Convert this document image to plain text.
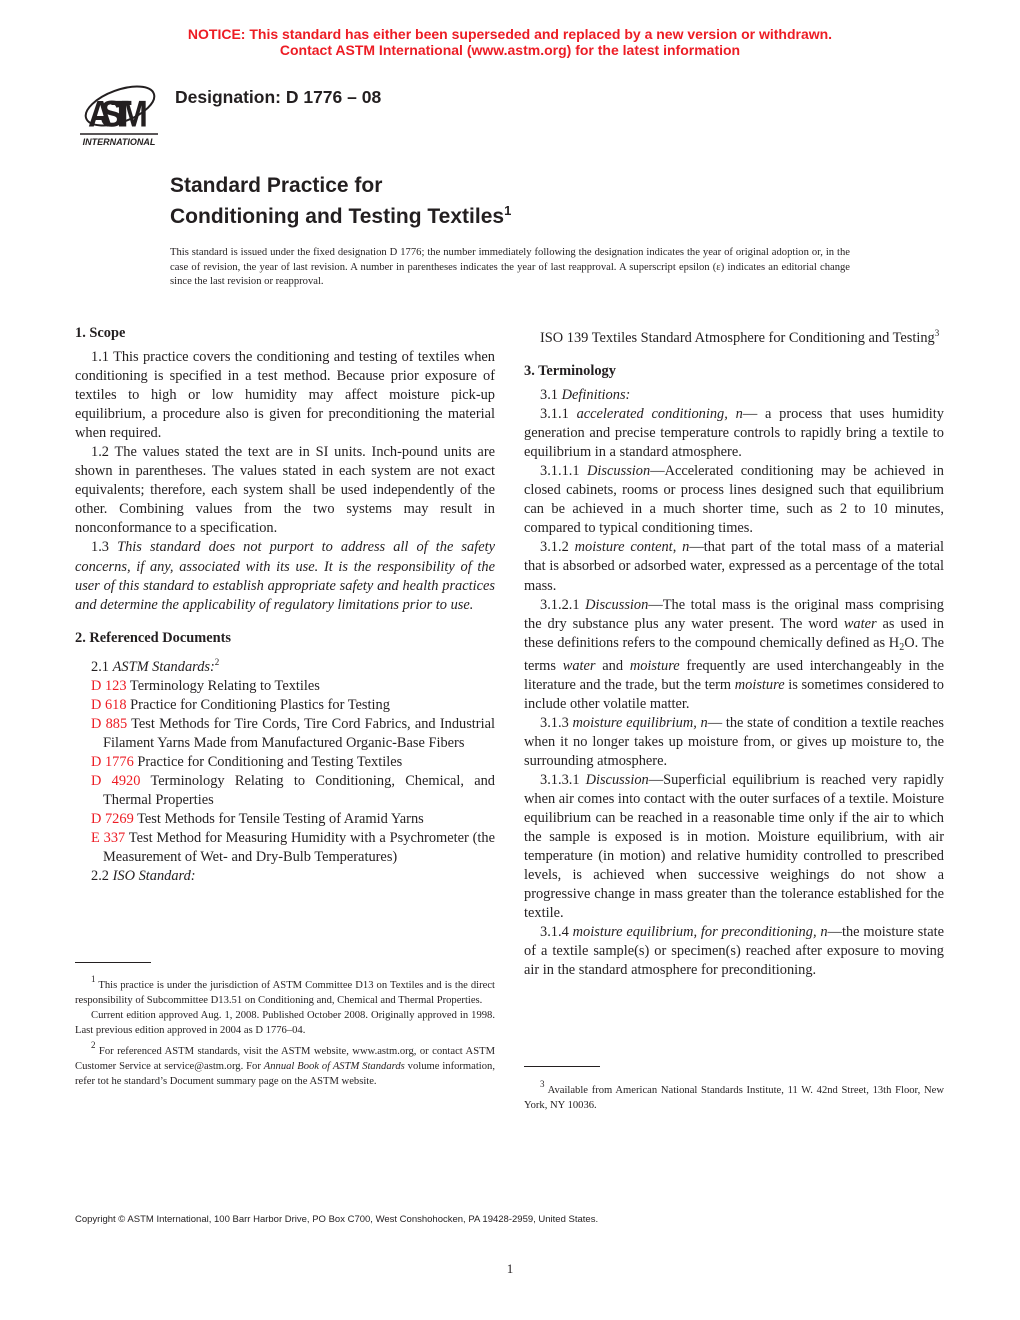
NOTICE: This standard has either been superseded and replaced by a new version or withdrawn.
Contact ASTM International (www.astm.org) for the latest information
ASTM
INTERNATIONAL
Designation: D 1776 – 08
Standard Practice for
Conditioning and Testing Textiles$^1$
This standard is issued under the fixed designation D 1776; the number immediately following the designation indicates the year of original adoption or, in the case of revision, the year of last revision. A number in parentheses indicates the year of last reapproval. A superscript epsilon (ε) indicates an editorial change since the last revision or reapproval.
1. Scope

1.1 This practice covers the conditioning and testing of textiles when conditioning is specified in a test method. Because prior exposure of textiles to high or low humidity may affect moisture pick-up equilibrium, a procedure also is given for preconditioning the material when required.

1.2 The values stated the text are in SI units. Inch-pound units are shown in parentheses. The values stated in each system are not exact equivalents; therefore, each system shall be used independently of the other. Combining values from the two systems may result in nonconformance to a specification.

1.3 This standard does not purport to address all of the safety concerns, if any, associated with its use. It is the responsibility of the user of this standard to establish appropriate safety and health practices and determine the applicability of regulatory limitations prior to use.

2. Referenced Documents

2.1 ASTM Standards:$^2$

D 123 Terminology Relating to Textiles

D 618 Practice for Conditioning Plastics for Testing

D 885 Test Methods for Tire Cords, Tire Cord Fabrics, and Industrial Filament Yarns Made from Manufactured Organic-Base Fibers

D 1776 Practice for Conditioning and Testing Textiles

D 4920 Terminology Relating to Conditioning, Chemical, and Thermal Properties

D 7269 Test Methods for Tensile Testing of Aramid Yarns

E 337 Test Method for Measuring Humidity with a Psychrometer (the Measurement of Wet- and Dry-Bulb Temperatures)

2.2 ISO Standard:

ISO 139 Textiles Standard Atmosphere for Conditioning and Testing$^3$

3. Terminology

3.1 Definitions:

3.1.1 accelerated conditioning, n— a process that uses humidity generation and precise temperature controls to rapidly bring a textile to equilibrium in a standard atmosphere.

3.1.1.1 Discussion—Accelerated conditioning may be achieved in closed cabinets, rooms or process lines designed such that equilibrium can be achieved in a much shorter time, such as 2 to 10 minutes, compared to typical conditioning times.

3.1.2 moisture content, n—that part of the total mass of a material that is absorbed or adsorbed water, expressed as a percentage of the total mass.

3.1.2.1 Discussion—The total mass is the original mass comprising the dry substance plus any water present. The word water as used in these definitions refers to the compound chemically defined as $H_2O$. The terms water and moisture frequently are used interchangeably in the literature and the trade, but the term moisture is sometimes considered to include other volatile matter.

3.1.3 moisture equilibrium, n— the state of condition a textile reaches when it no longer takes up moisture from, or gives up moisture to, the surrounding atmosphere.

3.1.3.1 Discussion—Superficial equilibrium is reached very rapidly when air comes into contact with the outer surfaces of a textile. Moisture equilibrium can be reached in a reasonable time only if the air to which the sample is exposed is in motion. Moisture equilibrium, with air temperature (in motion) and relative humidity controlled to prescribed levels, is achieved when successive weighings do not show a progressive change in mass greater than the tolerance established for the textile.

3.1.4 moisture equilibrium, for preconditioning, n—the moisture state of a textile sample(s) or specimen(s) reached after exposure to moving air in the standard atmosphere for preconditioning.

$^1$ This practice is under the jurisdiction of ASTM Committee D13 on Textiles and is the direct responsibility of Subcommittee D13.51 on Conditioning and, Chemical and Thermal Properties.

Current edition approved Aug. 1, 2008. Published October 2008. Originally approved in 1998. Last previous edition approved in 2004 as D 1776–04.

$^2$ For referenced ASTM standards, visit the ASTM website, www.astm.org, or contact ASTM Customer Service at service@astm.org. For Annual Book of ASTM Standards volume information, refer tot he standard’s Document summary page on the ASTM website.	$^3$ Available from American National Standards Institute, 11 W. 42nd Street, 13th Floor, New York, NY 10036.

Copyright © ASTM International, 100 Barr Harbor Drive, PO Box C700, West Conshohocken, PA 19428-2959, United States.
1
